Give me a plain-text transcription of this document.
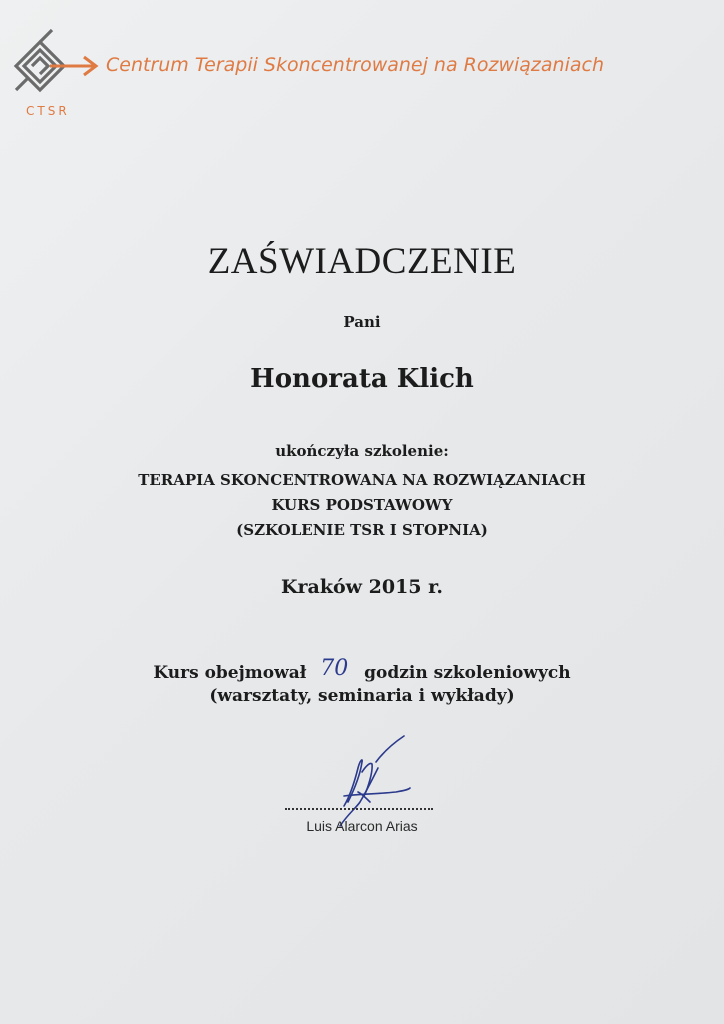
CTSR
Centrum Terapii Skoncentrowanej na Rozwiązaniach
ZAŚWIADCZENIE
Pani
Honorata Klich
ukończyła szkolenie:
TERAPIA SKONCENTROWANA NA ROZWIĄZANIACH
KURS PODSTAWOWY
(SZKOLENIE TSR I STOPNIA)
Kraków 2015 r.
Kurs obejmował 70 godzin szkoleniowych
(warsztaty, seminaria i wykłady)
Luis Alarcon Arias
